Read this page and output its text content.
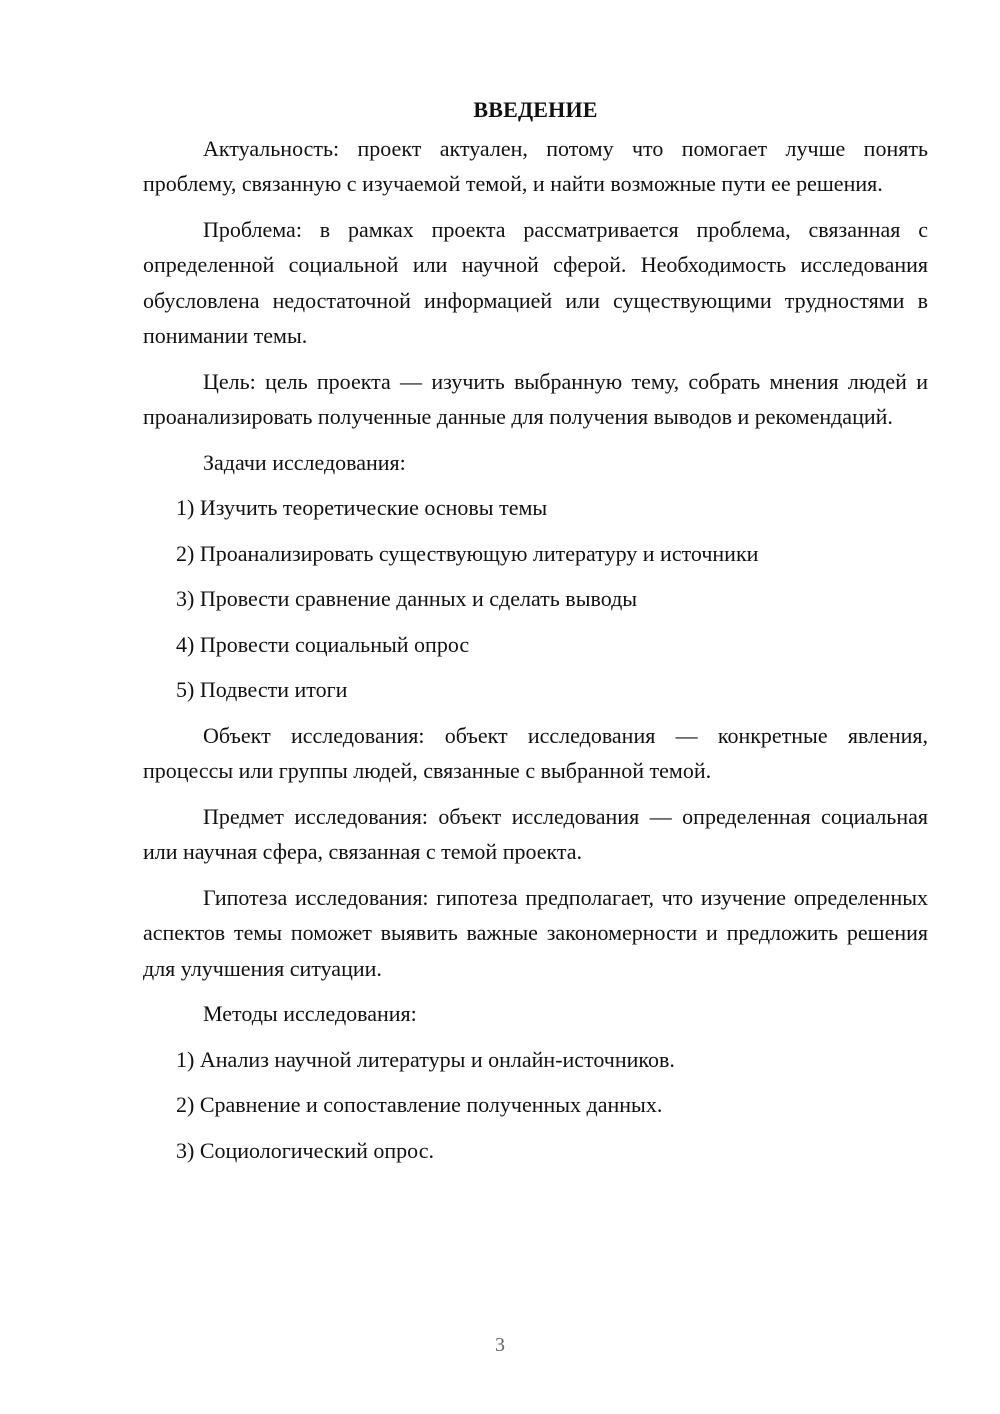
ВВЕДЕНИЕ

Актуальность: проект актуален, потому что помогает лучше понять проблему, связанную с изучаемой темой, и найти возможные пути ее решения.

Проблема: в рамках проекта рассматривается проблема, связанная с определенной социальной или научной сферой. Необходимость исследования обусловлена недостаточной информацией или существующими трудностями в понимании темы.

Цель: цель проекта — изучить выбранную тему, собрать мнения людей и проанализировать полученные данные для получения выводов и рекомендаций.

Задачи исследования:

1) Изучить теоретические основы темы

2) Проанализировать существующую литературу и источники

3) Провести сравнение данных и сделать выводы

4) Провести социальный опрос

5) Подвести итоги

Объект исследования: объект исследования — конкретные явления, процессы или группы людей, связанные с выбранной темой.

Предмет исследования: объект исследования — определенная социальная или научная сфера, связанная с темой проекта.

Гипотеза исследования: гипотеза предполагает, что изучение определенных аспектов темы поможет выявить важные закономерности и предложить решения для улучшения ситуации.

Методы исследования:

1) Анализ научной литературы и онлайн-источников.

2) Сравнение и сопоставление полученных данных.

3) Социологический опрос.

3
